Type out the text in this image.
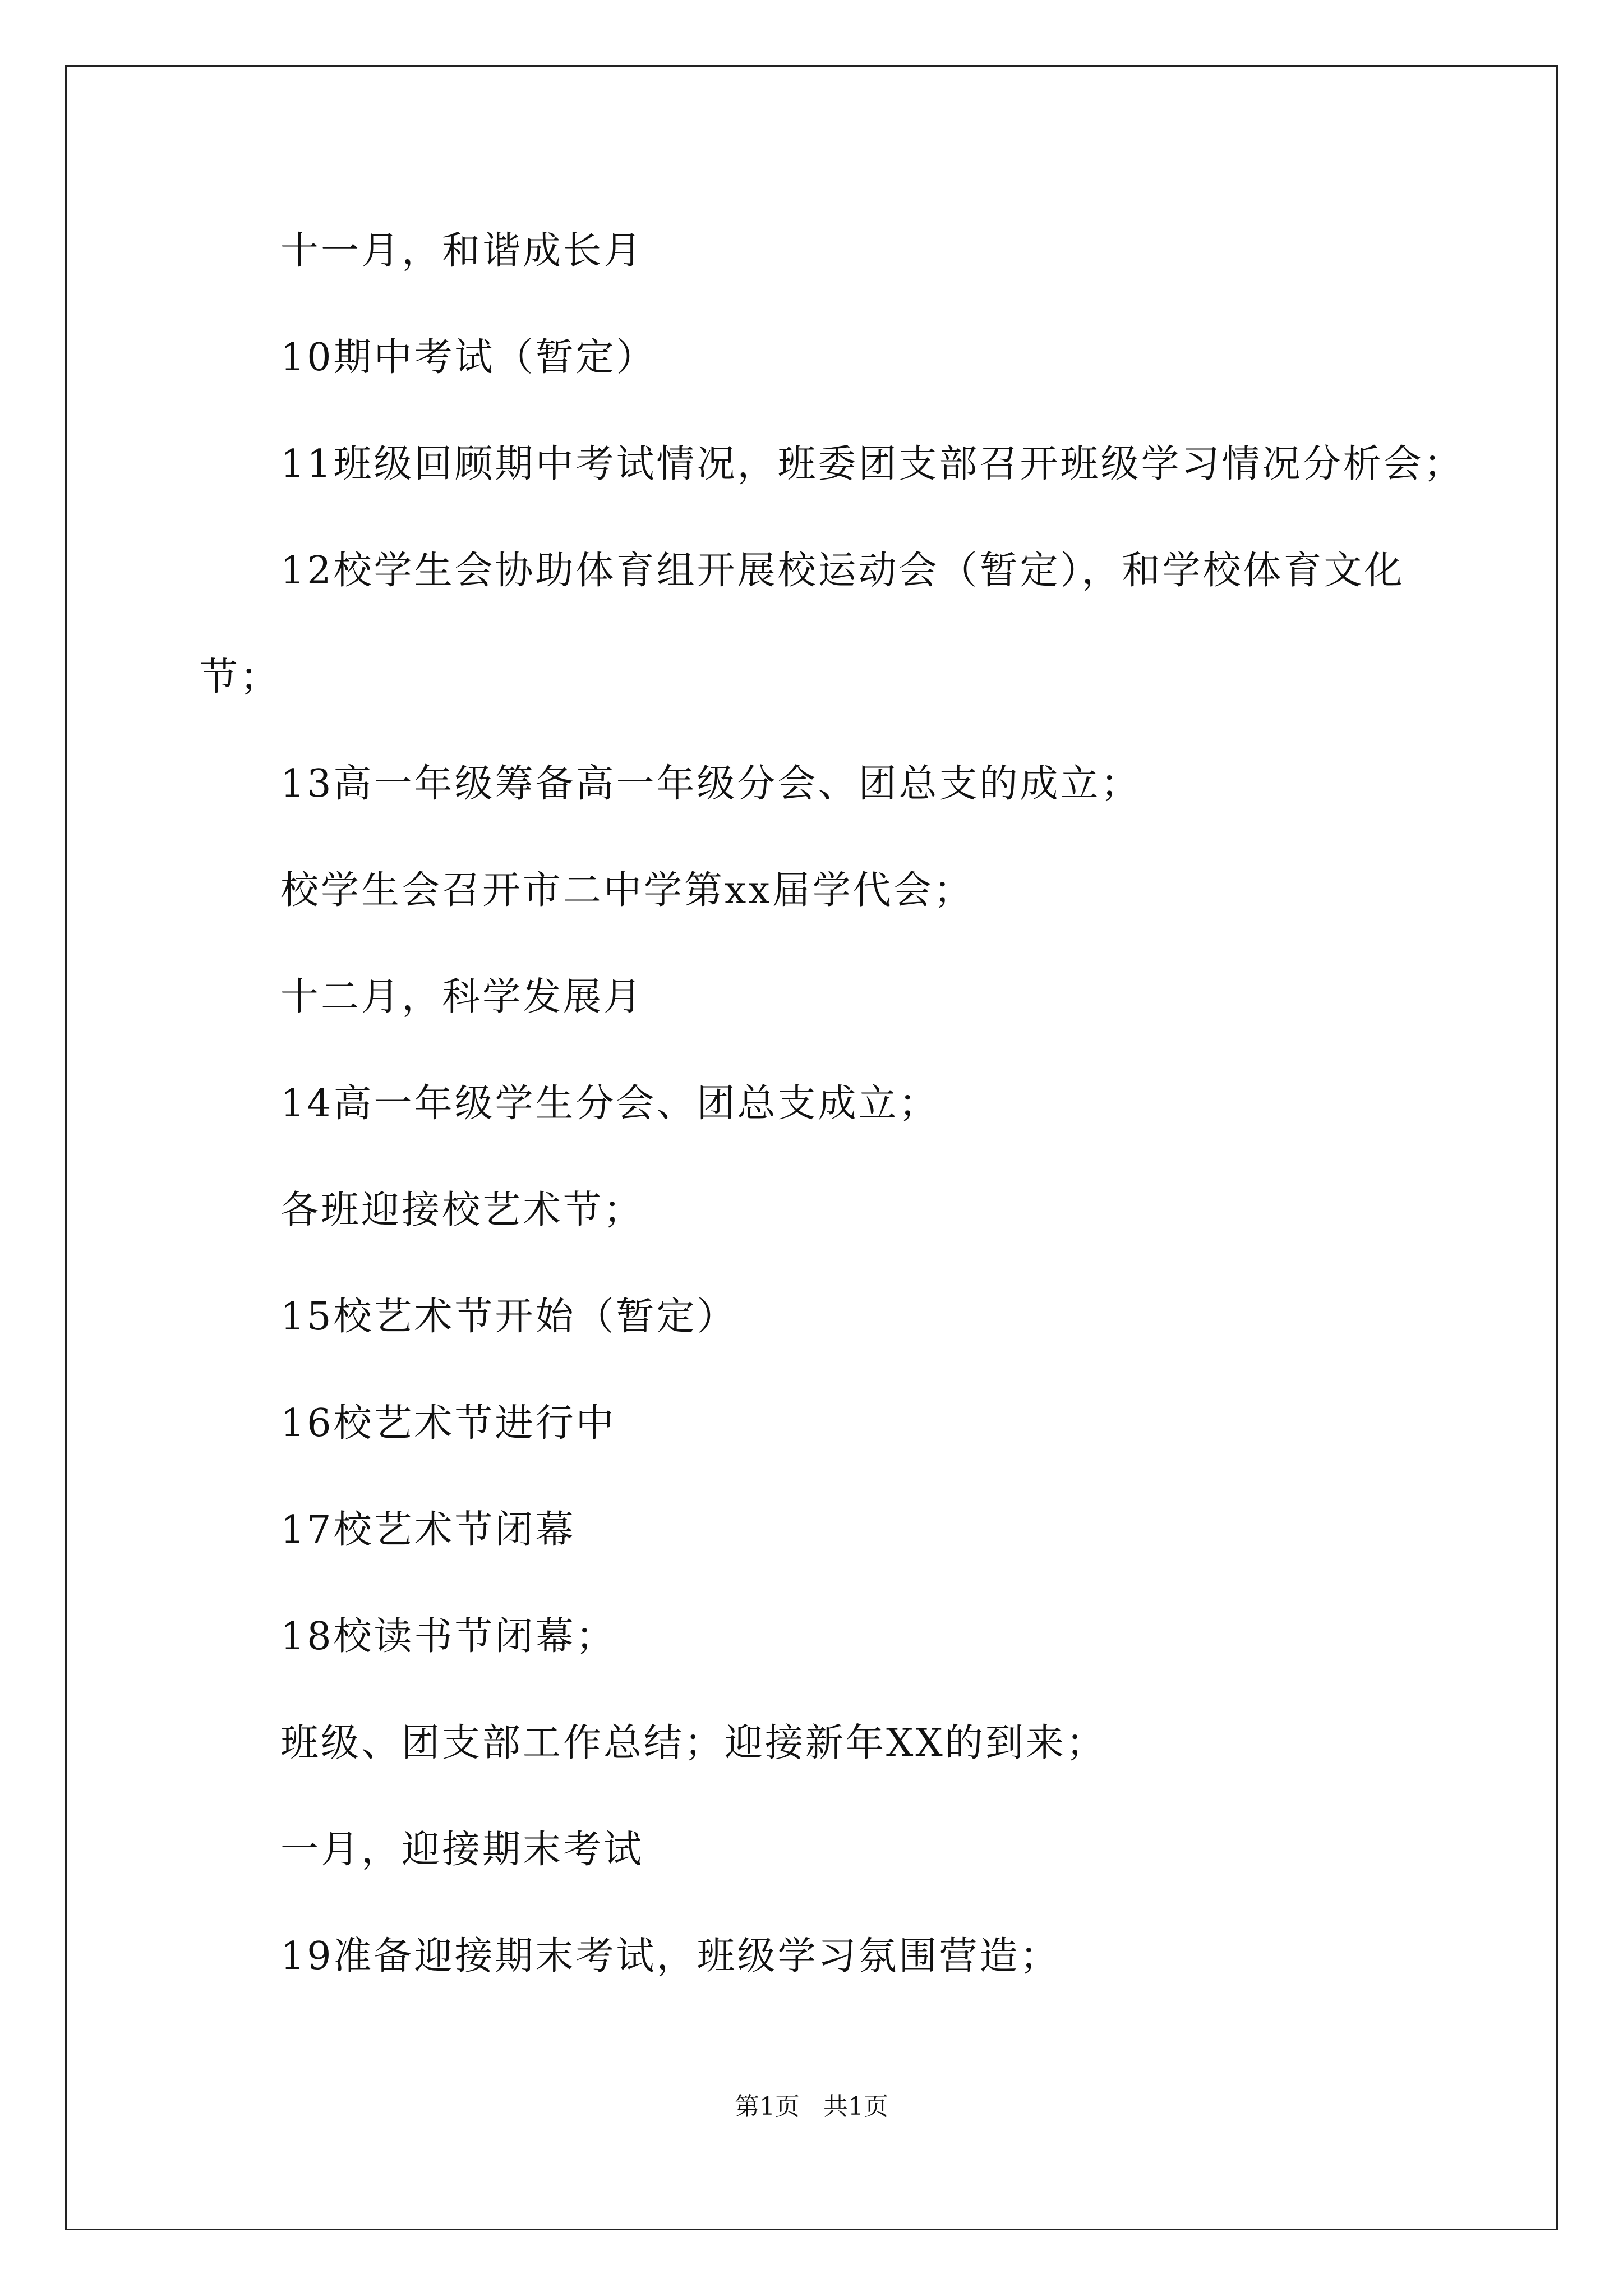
十一月，和谐成长月
10期中考试（暂定）
11班级回顾期中考试情况，班委团支部召开班级学习情况分析会；
12校学生会协助体育组开展校运动会（暂定），和学校体育文化
节；
13高一年级筹备高一年级分会、团总支的成立；
校学生会召开市二中学第xx届学代会；
十二月，科学发展月
14高一年级学生分会、团总支成立；
各班迎接校艺术节；
15校艺术节开始（暂定）
16校艺术节进行中
17校艺术节闭幕
18校读书节闭幕；
班级、团支部工作总结；迎接新年XX的到来；
一月，迎接期末考试
19准备迎接期末考试，班级学习氛围营造；
第1页   共1页
